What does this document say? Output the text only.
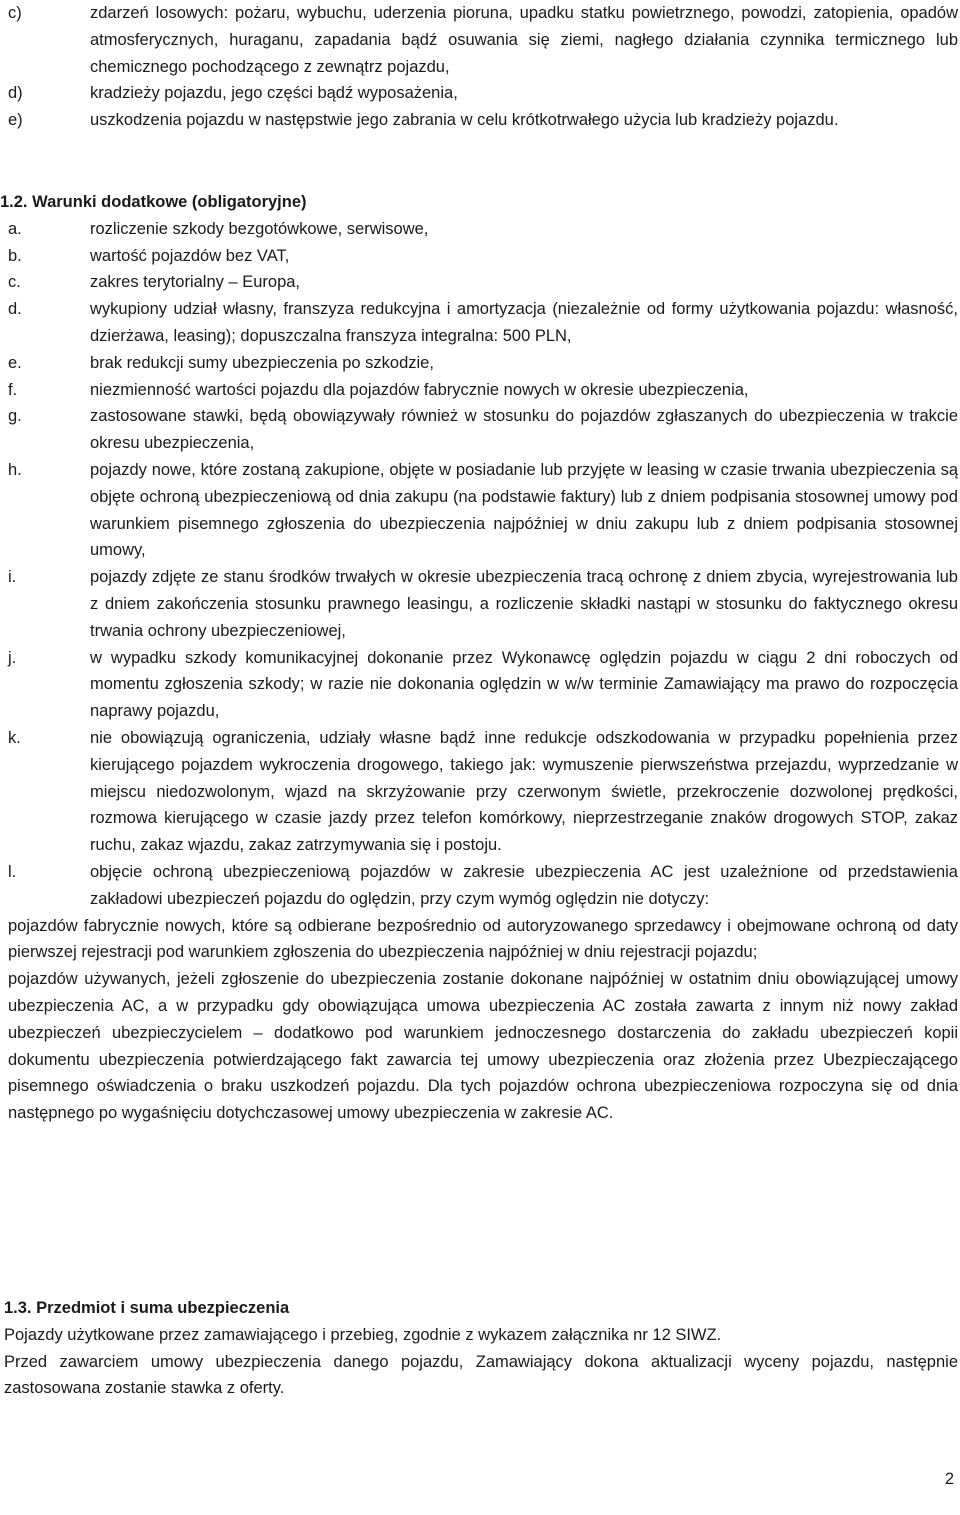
c)	zdarzeń losowych: pożaru, wybuchu, uderzenia pioruna, upadku statku powietrznego, powodzi, zatopienia, opadów atmosferycznych, huraganu, zapadania bądź osuwania się ziemi, nagłego działania czynnika termicznego lub chemicznego pochodzącego z zewnątrz pojazdu,
d)	kradzieży pojazdu, jego części bądź wyposażenia,
e)	uszkodzenia pojazdu w następstwie jego zabrania w celu krótkotrwałego użycia lub kradzieży pojazdu.
1.2. Warunki dodatkowe (obligatoryjne)
a.	rozliczenie szkody bezgotówkowe, serwisowe,
b.	wartość pojazdów bez VAT,
c.	zakres terytorialny – Europa,
d.	wykupiony udział własny, franszyza redukcyjna i amortyzacja (niezależnie od formy użytkowania pojazdu: własność, dzierżawa, leasing); dopuszczalna franszyza integralna: 500 PLN,
e.	brak redukcji sumy ubezpieczenia po szkodzie,
f.	niezmienność wartości pojazdu dla pojazdów fabrycznie nowych w okresie ubezpieczenia,
g.	zastosowane stawki, będą obowiązywały również w stosunku do pojazdów zgłaszanych do ubezpieczenia w trakcie okresu ubezpieczenia,
h.	pojazdy nowe, które zostaną zakupione, objęte w posiadanie lub przyjęte w leasing w czasie trwania ubezpieczenia są objęte ochroną ubezpieczeniową od dnia zakupu (na podstawie faktury) lub z dniem podpisania stosownej umowy pod warunkiem pisemnego zgłoszenia do ubezpieczenia najpóźniej w dniu zakupu lub z dniem podpisania stosownej umowy,
i.	pojazdy zdjęte ze stanu środków trwałych w okresie ubezpieczenia tracą ochronę z dniem zbycia, wyrejestrowania lub z dniem zakończenia stosunku prawnego leasingu, a rozliczenie składki nastąpi w stosunku do faktycznego okresu trwania ochrony ubezpieczeniowej,
j.	w wypadku szkody komunikacyjnej dokonanie przez Wykonawcę oględzin pojazdu w ciągu 2 dni roboczych od momentu zgłoszenia szkody; w razie nie dokonania oględzin w w/w terminie Zamawiający ma prawo do rozpoczęcia naprawy pojazdu,
k.	nie obowiązują ograniczenia, udziały własne bądź inne redukcje odszkodowania w przypadku popełnienia przez kierującego pojazdem wykroczenia drogowego, takiego jak: wymuszenie pierwszeństwa przejazdu, wyprzedzanie w miejscu niedozwolonym, wjazd na skrzyżowanie przy czerwonym świetle, przekroczenie dozwolonej prędkości, rozmowa kierującego w czasie jazdy przez telefon komórkowy, nieprzestrzeganie znaków drogowych STOP, zakaz ruchu, zakaz wjazdu, zakaz zatrzymywania się i postoju.
l.	objęcie ochroną ubezpieczeniową pojazdów w zakresie ubezpieczenia AC jest uzależnione od przedstawienia zakładowi ubezpieczeń pojazdu do oględzin, przy czym wymóg oględzin nie dotyczy:
pojazdów fabrycznie nowych, które są odbierane bezpośrednio od autoryzowanego sprzedawcy i obejmowane ochroną od daty pierwszej rejestracji pod warunkiem zgłoszenia do ubezpieczenia najpóźniej w dniu rejestracji pojazdu;
pojazdów używanych, jeżeli zgłoszenie do ubezpieczenia zostanie dokonane najpóźniej w ostatnim dniu obowiązującej umowy ubezpieczenia AC, a w przypadku gdy obowiązująca umowa ubezpieczenia AC została zawarta z innym niż nowy zakład ubezpieczeń ubezpieczycielem – dodatkowo pod warunkiem jednoczesnego dostarczenia do zakładu ubezpieczeń kopii dokumentu ubezpieczenia potwierdzającego fakt zawarcia tej umowy ubezpieczenia oraz złożenia przez Ubezpieczającego pisemnego oświadczenia o braku uszkodzeń pojazdu. Dla tych pojazdów ochrona ubezpieczeniowa rozpoczyna się od dnia następnego po wygaśnięciu dotychczasowej umowy ubezpieczenia w zakresie AC.
1.3. Przedmiot i suma ubezpieczenia
Pojazdy użytkowane przez zamawiającego i przebieg, zgodnie z wykazem załącznika nr 12 SIWZ.
Przed zawarciem umowy ubezpieczenia danego pojazdu, Zamawiający dokona aktualizacji wyceny pojazdu, następnie zastosowana zostanie stawka z oferty.
2
